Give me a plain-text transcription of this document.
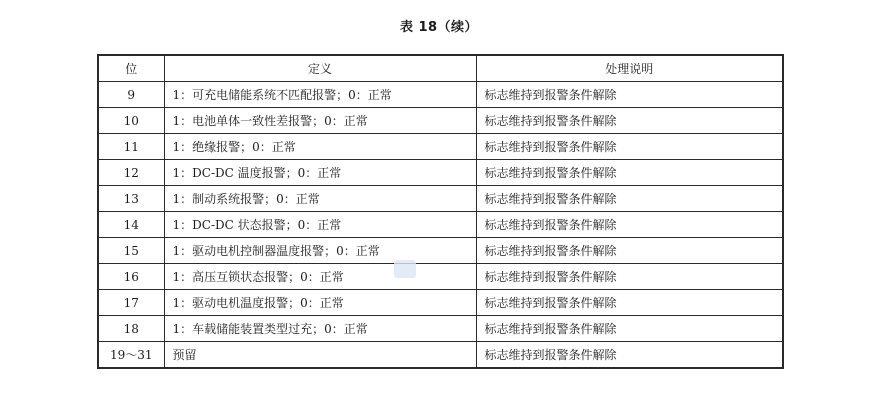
表 18（续）
位	定义	处理说明
9	1：可充电储能系统不匹配报警；0：正常	标志维持到报警条件解除
10	1：电池单体一致性差报警；0：正常	标志维持到报警条件解除
11	1：绝缘报警；0：正常	标志维持到报警条件解除
12	1：DC-DC 温度报警；0：正常	标志维持到报警条件解除
13	1：制动系统报警；0：正常	标志维持到报警条件解除
14	1：DC-DC 状态报警；0：正常	标志维持到报警条件解除
15	1：驱动电机控制器温度报警；0：正常	标志维持到报警条件解除
16	1：高压互锁状态报警；0：正常	标志维持到报警条件解除
17	1：驱动电机温度报警；0：正常	标志维持到报警条件解除
18	1：车载储能装置类型过充；0：正常	标志维持到报警条件解除
19～31	预留	标志维持到报警条件解除
